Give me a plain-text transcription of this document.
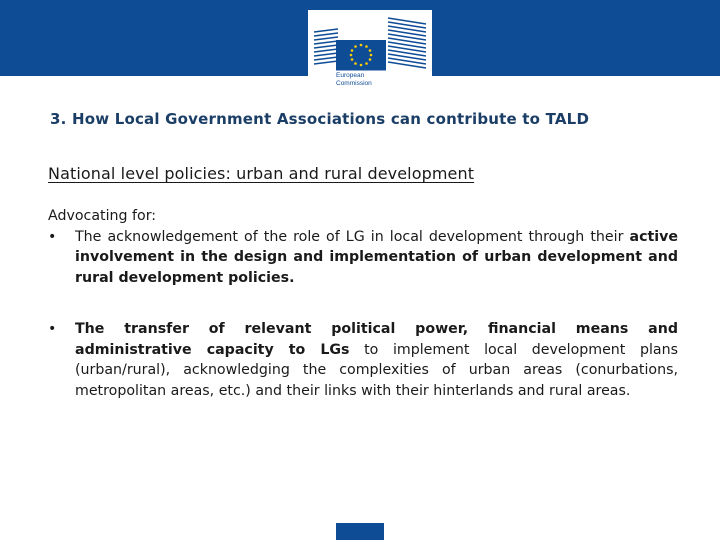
European
Commission
3. How Local Government Associations can contribute to TALD
National level policies: urban and rural development

Advocating for:

•	The acknowledgement of the role of LG in local development through their active involvement in the design and implementation of urban development and rural development policies.
•	The transfer of relevant political power, financial means and administrative capacity to LGs to implement local development plans (urban/rural), acknowledging the complexities of urban areas (conurbations, metropolitan areas, etc.) and their links with their hinterlands and rural areas.
